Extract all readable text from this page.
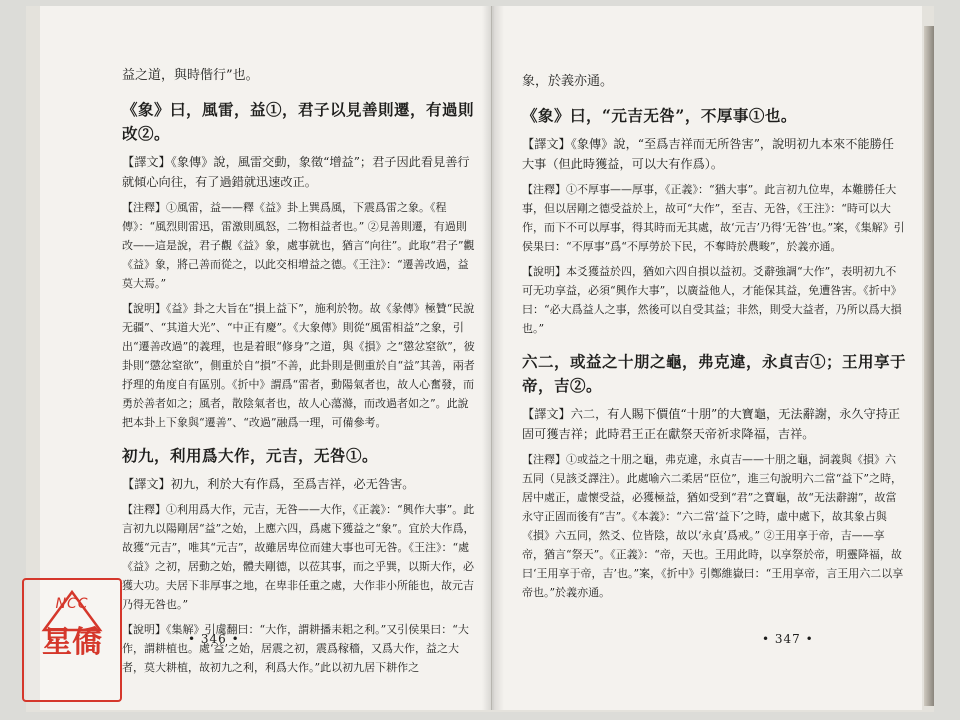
益之道，與時偕行”也。

《象》曰，風雷，益①，君子以見善則遷，有過則改②。

【譯文】《象傳》說，風雷交動，象徵“增益”；君子因此看見善行就傾心向往，有了過錯就迅速改正。

【注釋】①風雷，益——釋《益》卦上巽爲風，下震爲雷之象。《程傳》：“風烈則雷迅，雷激則風怒，二物相益者也。” ②見善則遷，有過則改——這是說，君子觀《益》象，處事就也，猶言“向往”。此取“君子”觀《益》象，將己善而從之，以此交相增益之德。《王注》：“遷善改過，益莫大焉。”

【說明】《益》卦之大旨在“損上益下”，施利於物。故《彖傳》極贊“民說无疆”、“其道大光”、“中正有慶”。《大象傳》則從“風雷相益”之象，引出“遷善改過”的義理，也是着眼“修身”之道，與《損》之“懲忿窒欲”，彼卦則“懲忿窒欲”，側重於自“損”不善，此卦則是側重於自“益”其善，兩者抒理的角度自有區別。《折中》謂爲“雷者，動陽氣者也，故人心奮發，而勇於善者如之；風者，散陰氣者也，故人心蕩滌，而改過者如之”。此說把本卦上下象與“遷善”、“改過”融爲一理，可備參考。

初九，利用爲大作，元吉，无咎①。

【譯文】初九，利於大有作爲，至爲吉祥，必无咎害。

【注釋】①利用爲大作，元吉，无咎——大作，《正義》：“興作大事”。此言初九以陽剛居“益”之始，上應六四，爲處下獲益之“象”。宜於大作爲，故獲“元吉”，唯其“元吉”，故雖居卑位而建大事也可无咎。《王注》：“處《益》之初，居動之始，體夫剛德，以莅其事，而之乎巽，以斯大作，必獲大功。夫居下非厚事之地，在卑非任重之處，大作非小所能也，故元吉乃得无咎也。”

【說明】《集解》引虞翻曰：“大作，謂耕播耒耜之利。”又引侯果曰：“大作，謂耕植也。處‘益’之始，居震之初，震爲稼穡，又爲大作，益之大者，莫大耕植，故初九之利，利爲大作。”此以初九居下耕作之

• 346 •

象，於義亦通。

《象》曰，“元吉无咎”，不厚事①也。

【譯文】《象傳》說，“至爲吉祥而无所咎害”，說明初九本來不能勝任大事（但此時獲益，可以大有作爲）。

【注釋】①不厚事——厚事，《正義》：“猶大事”。此言初九位卑，本難勝任大事，但以居剛之德受益於上，故可“大作”，至吉、无咎，《王注》：“時可以大作，而下不可以厚事，得其時而无其處，故‘元吉’乃得‘无咎’也。”案，《集解》引侯果曰：“不厚事”爲“不厚勞於下民，不奪時於農畯”，於義亦通。

【說明】本爻獲益於四，猶如六四自損以益初。爻辭強調“大作”，表明初九不可无功享益，必須“興作大事”，以廣益他人，才能保其益，免遭咎害。《折中》曰：“必大爲益人之事，然後可以自受其益；非然，則受大益者，乃所以爲大損也。”

六二，或益之十朋之龜，弗克違，永貞吉①；王用享于帝，吉②。

【譯文】六二，有人賜下價值“十朋”的大寶龜，无法辭謝，永久守持正固可獲吉祥；此時君王正在獻祭天帝祈求降福，吉祥。

【注釋】①或益之十朋之龜，弗克違，永貞吉——十朋之龜，詞義與《損》六五同（見該爻譯注）。此處喻六二柔居“臣位”，進三句說明六二當“益下”之時，居中處正，虛懷受益，必獲極益，猶如受到“君”之寶龜，故“无法辭謝”，故當永守正固而後有“吉”。《本義》：“六二當‘益下’之時，虛中處下，故其象占與《損》六五同，然爻、位皆陰，故以‘永貞’爲戒。” ②王用享于帝，吉——享帝，猶言“祭天”。《正義》：“帝，天也。王用此時，以享祭於帝，明靈降福，故曰‘王用享于帝，吉’也。”案，《折中》引鄭維嶽曰：“王用享帝，言王用六二以享帝也。”於義亦通。

• 347 •
NCC
星僑
